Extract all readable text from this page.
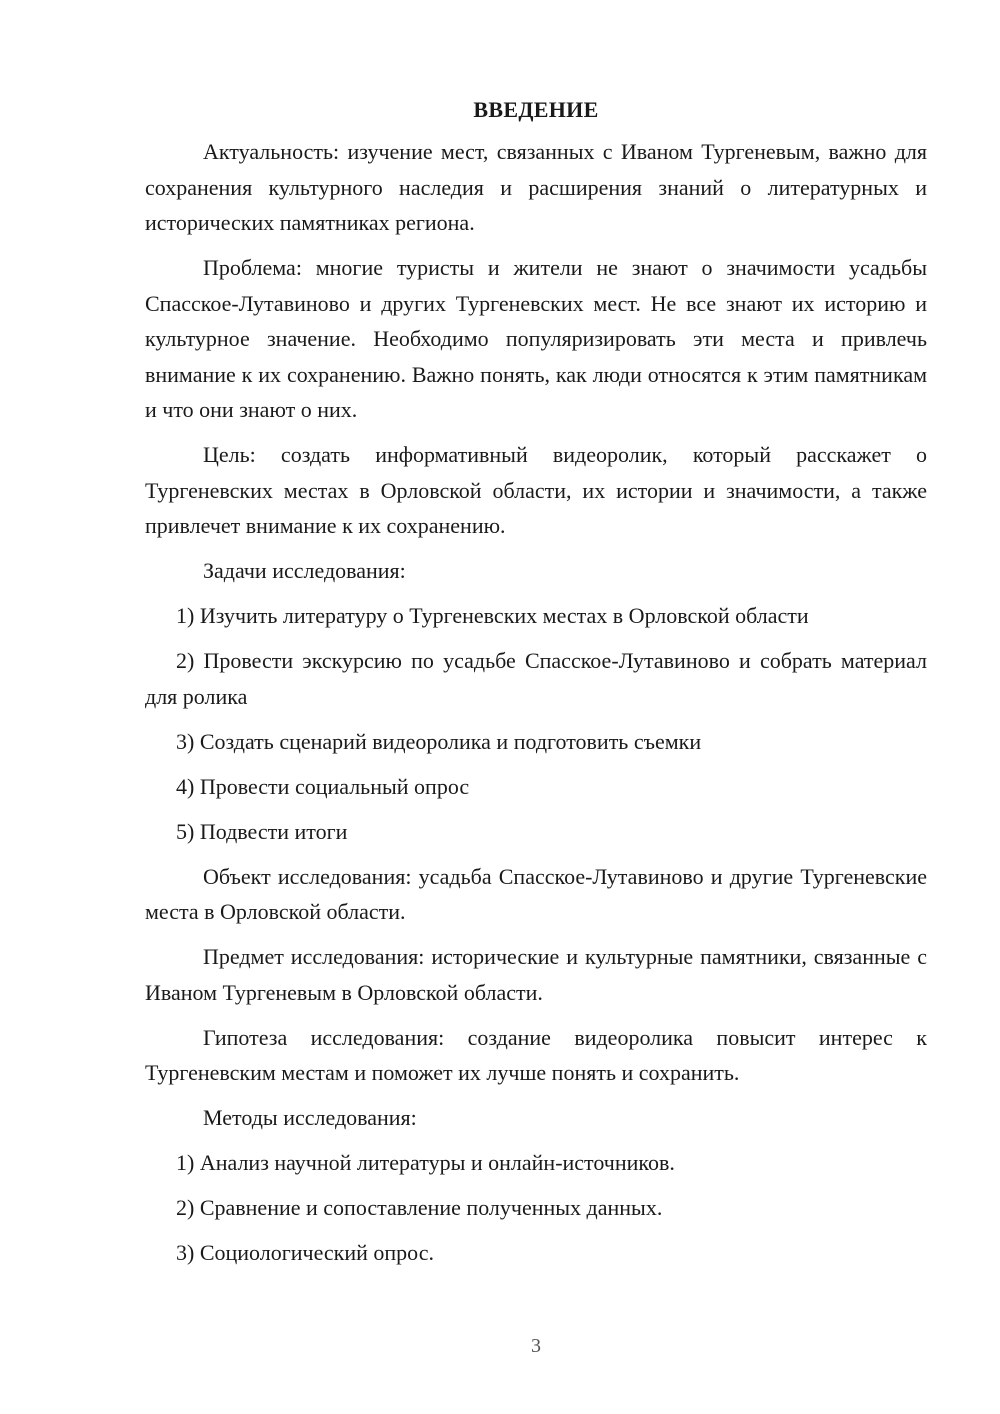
ВВЕДЕНИЕ

Актуальность: изучение мест, связанных с Иваном Тургеневым, важно для сохранения культурного наследия и расширения знаний о литературных и исторических памятниках региона.

Проблема: многие туристы и жители не знают о значимости усадьбы Спасское-Лутавиново и других Тургеневских мест. Не все знают их историю и культурное значение. Необходимо популяризировать эти места и привлечь внимание к их сохранению. Важно понять, как люди относятся к этим памятникам и что они знают о них.

Цель: создать информативный видеоролик, который расскажет о Тургеневских местах в Орловской области, их истории и значимости, а также привлечет внимание к их сохранению.

Задачи исследования:

1) Изучить литературу о Тургеневских местах в Орловской области

2) Провести экскурсию по усадьбе Спасское-Лутавиново и собрать материал для ролика

3) Создать сценарий видеоролика и подготовить съемки

4) Провести социальный опрос

5) Подвести итоги

Объект исследования: усадьба Спасское-Лутавиново и другие Тургеневские места в Орловской области.

Предмет исследования: исторические и культурные памятники, связанные с Иваном Тургеневым в Орловской области.

Гипотеза исследования: создание видеоролика повысит интерес к Тургеневским местам и поможет их лучше понять и сохранить.

Методы исследования:

1) Анализ научной литературы и онлайн-источников.

2) Сравнение и сопоставление полученных данных.

3) Социологический опрос.

3
